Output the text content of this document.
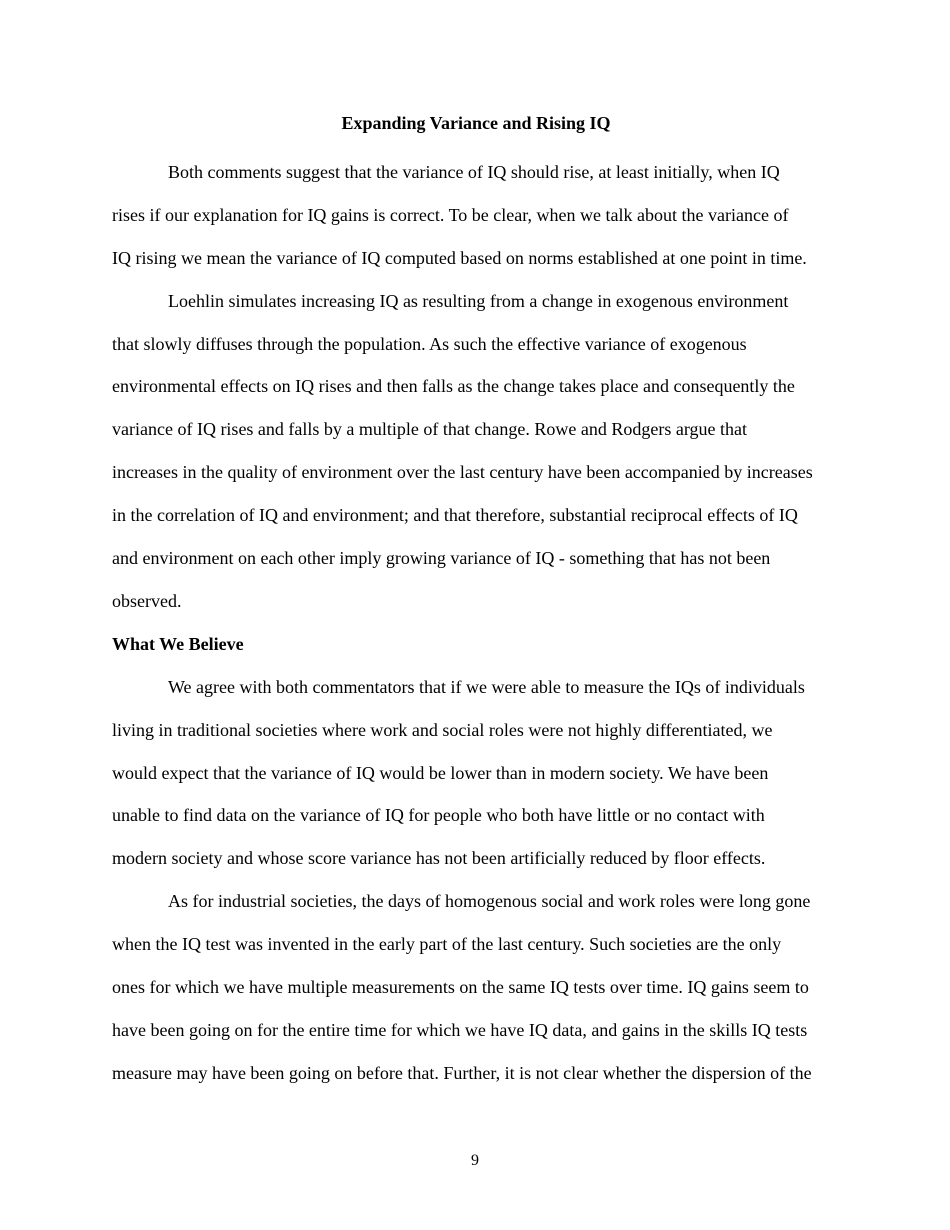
Expanding Variance and Rising IQ
Both comments suggest that the variance of IQ should rise, at least initially, when IQ
rises if our explanation for IQ gains is correct. To be clear, when we talk about the variance of
IQ rising we mean the variance of IQ computed based on norms established at one point in time.
Loehlin simulates increasing IQ as resulting from a change in exogenous environment
that slowly diffuses through the population. As such the effective variance of exogenous
environmental effects on IQ rises and then falls as the change takes place and consequently the
variance of IQ rises and falls by a multiple of that change. Rowe and Rodgers argue that
increases in the quality of environment over the last century have been accompanied by increases
in the correlation of IQ and environment; and that therefore, substantial reciprocal effects of IQ
and environment on each other imply growing variance of IQ - something that has not been
observed.
What We Believe
We agree with both commentators that if we were able to measure the IQs of individuals
living in traditional societies where work and social roles were not highly differentiated, we
would expect that the variance of IQ would be lower than in modern society. We have been
unable to find data on the variance of IQ for people who both have little or no contact with
modern society and whose score variance has not been artificially reduced by floor effects.
As for industrial societies, the days of homogenous social and work roles were long gone
when the IQ test was invented in the early part of the last century. Such societies are the only
ones for which we have multiple measurements on the same IQ tests over time. IQ gains seem to
have been going on for the entire time for which we have IQ data, and gains in the skills IQ tests
measure may have been going on before that. Further, it is not clear whether the dispersion of the
9
